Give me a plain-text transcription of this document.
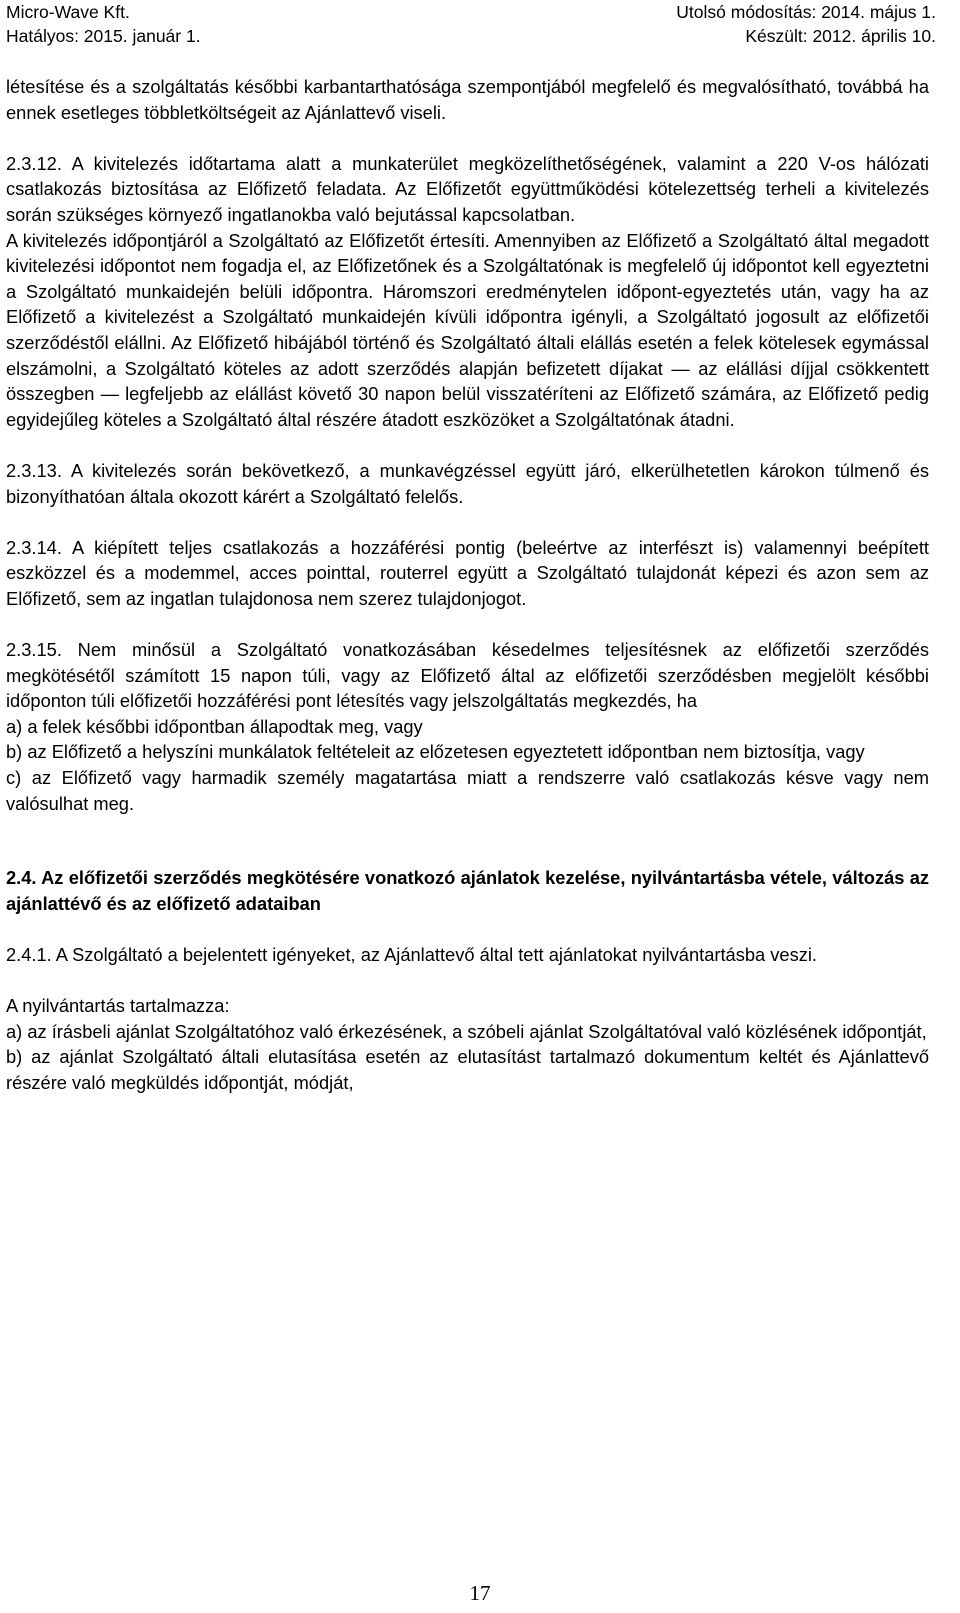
Micro-Wave Kft.	Utolsó módosítás: 2014. május 1.
Hatályos: 2015. január 1.	Készült: 2012. április 10.

létesítése és a szolgáltatás későbbi karbantarthatósága szempontjából megfelelő és megvalósítható, továbbá ha ennek esetleges többletköltségeit az Ajánlattevő viseli.

2.3.12. A kivitelezés időtartama alatt a munkaterület megközelíthetőségének, valamint a 220 V-os hálózati csatlakozás biztosítása az Előfizető feladata. Az Előfizetőt együttműködési kötelezettség terheli a kivitelezés során szükséges környező ingatlanokba való bejutással kapcsolatban.

A kivitelezés időpontjáról a Szolgáltató az Előfizetőt értesíti. Amennyiben az Előfizető a Szolgáltató által megadott kivitelezési időpontot nem fogadja el, az Előfizetőnek és a Szolgáltatónak is megfelelő új időpontot kell egyeztetni a Szolgáltató munkaidején belüli időpontra. Háromszori eredménytelen időpont-egyeztetés után, vagy ha az Előfizető a kivitelezést a Szolgáltató munkaidején kívüli időpontra igényli, a Szolgáltató jogosult az előfizetői szerződéstől elállni. Az Előfizető hibájából történő és Szolgáltató általi elállás esetén a felek kötelesek egymással elszámolni, a Szolgáltató köteles az adott szerződés alapján befizetett díjakat — az elállási díjjal csökkentett összegben — legfeljebb az elállást követő 30 napon belül visszatéríteni az Előfizető számára, az Előfizető pedig egyidejűleg köteles a Szolgáltató által részére átadott eszközöket a Szolgáltatónak átadni.

2.3.13. A kivitelezés során bekövetkező, a munkavégzéssel együtt járó, elkerülhetetlen károkon túlmenő és bizonyíthatóan általa okozott kárért a Szolgáltató felelős.

2.3.14. A kiépített teljes csatlakozás a hozzáférési pontig (beleértve az interfészt is) valamennyi beépített eszközzel és a modemmel, acces pointtal, routerrel együtt a Szolgáltató tulajdonát képezi és azon sem az Előfizető, sem az ingatlan tulajdonosa nem szerez tulajdonjogot.

2.3.15. Nem minősül a Szolgáltató vonatkozásában késedelmes teljesítésnek az előfizetői szerződés megkötésétől számított 15 napon túli, vagy az Előfizető által az előfizetői szerződésben megjelölt későbbi időponton túli előfizetői hozzáférési pont létesítés vagy jelszolgáltatás megkezdés, ha

a) a felek későbbi időpontban állapodtak meg, vagy

b) az Előfizető a helyszíni munkálatok feltételeit az előzetesen egyeztetett időpontban nem biztosítja, vagy

c) az Előfizető vagy harmadik személy magatartása miatt a rendszerre való csatlakozás késve vagy nem valósulhat meg.

2.4. Az előfizetői szerződés megkötésére vonatkozó ajánlatok kezelése, nyilvántartásba vétele, változás az ajánlattévő és az előfizető adataiban

2.4.1. A Szolgáltató a bejelentett igényeket, az Ajánlattevő által tett ajánlatokat nyilvántartásba veszi.

A nyilvántartás tartalmazza:

a) az írásbeli ajánlat Szolgáltatóhoz való érkezésének, a szóbeli ajánlat Szolgáltatóval való közlésének időpontját,

b) az ajánlat Szolgáltató általi elutasítása esetén az elutasítást tartalmazó dokumentum keltét és Ajánlattevő részére való megküldés időpontját, módját,

17
